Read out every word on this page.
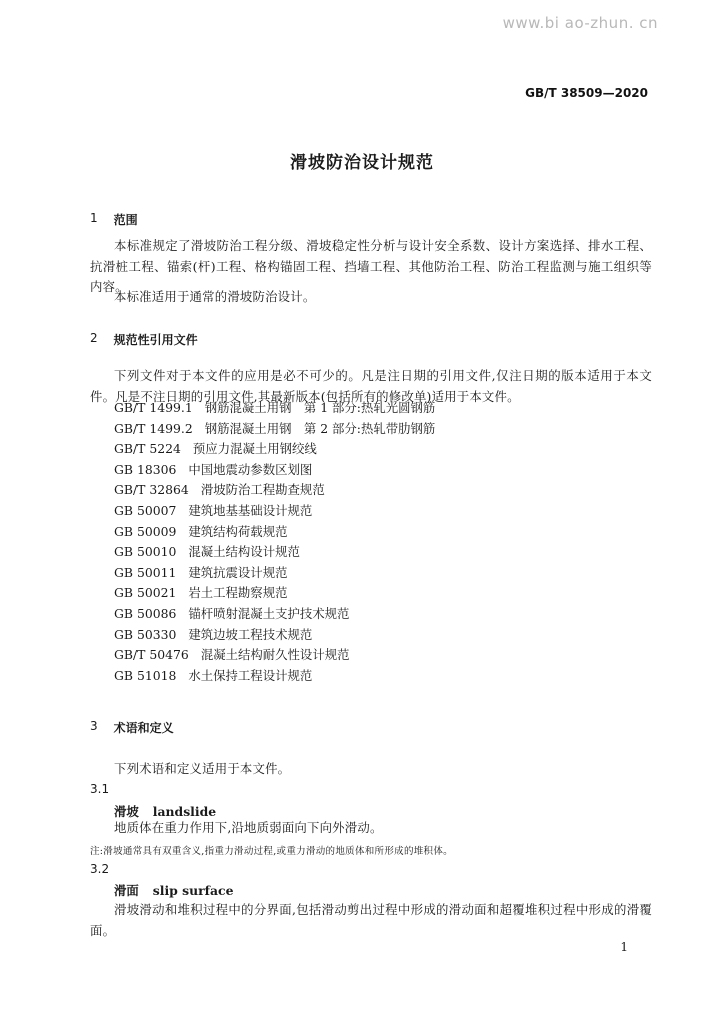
www.bi ao-zhun. cn
GB/T 38509—2020
滑坡防治设计规范
1 范围

本标准规定了滑坡防治工程分级、滑坡稳定性分析与设计安全系数、设计方案选择、排水工程、抗滑桩工程、锚索(杆)工程、格构锚固工程、挡墙工程、其他防治工程、防治工程监测与施工组织等内容。

本标准适用于通常的滑坡防治设计。

2 规范性引用文件

下列文件对于本文件的应用是必不可少的。凡是注日期的引用文件,仅注日期的版本适用于本文件。凡是不注日期的引用文件,其最新版本(包括所有的修改单)适用于本文件。

GB/T 1499.1 钢筋混凝土用钢　第 1 部分:热轧光圆钢筋
GB/T 1499.2 钢筋混凝土用钢　第 2 部分:热轧带肋钢筋
GB/T 5224 预应力混凝土用钢绞线
GB 18306 中国地震动参数区划图
GB/T 32864 滑坡防治工程勘查规范
GB 50007 建筑地基基础设计规范
GB 50009 建筑结构荷载规范
GB 50010 混凝土结构设计规范
GB 50011 建筑抗震设计规范
GB 50021 岩土工程勘察规范
GB 50086 锚杆喷射混凝土支护技术规范
GB 50330 建筑边坡工程技术规范
GB/T 50476 混凝土结构耐久性设计规范
GB 51018 水土保持工程设计规范
3 术语和定义
下列术语和定义适用于本文件。
3.1
滑坡 landslide
地质体在重力作用下,沿地质弱面向下向外滑动。
注:滑坡通常具有双重含义,指重力滑动过程,或重力滑动的地质体和所形成的堆积体。
3.2
滑面 slip surface
滑坡滑动和堆积过程中的分界面,包括滑动剪出过程中形成的滑动面和超覆堆积过程中形成的滑覆面。
1
